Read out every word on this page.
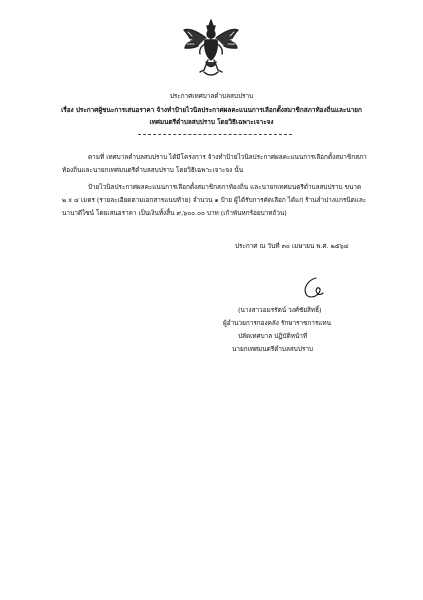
ประกาศเทศบาลตำบลสบปราบ
เรื่อง ประกาศผู้ชนะการเสนอราคา จ้างทำป้ายไวนิลประกาศผลคะแนนการเลือกตั้งสมาชิกสภาท้องถิ่นและนายก
เทศมนตรีตำบลสบปราบ โดยวิธีเฉพาะเจาะจง
ตามที่ เทศบาลตำบลสบปราบ ได้มีโครงการ จ้างทำป้ายไวนิลประกาศผลคะแนนการเลือกตั้งสมาชิกสภา
ท้องถิ่นและนายกเทศมนตรีตำบลสบปราบ โดยวิธีเฉพาะเจาะจง นั้น
ป้ายไวนิลประกาศผลคะแนนการเลือกตั้งสมาชิกสภาท้องถิ่น และนายกเทศมนตรีตำบลสบปราบ ขนาด
๒ x ๔ เมตร (รายละเอียดตามเอกสารแนบท้าย) จำนวน ๑ ป้าย ผู้ได้รับการคัดเลือก ได้แก่ ร้านลำปางแกรนิตและ
นานาดีไซน์ โดยเสนอราคา เป็นเงินทั้งสิ้น ๙,๖๐๐.๐๐ บาท (เก้าพันหกร้อยบาทถ้วน)
ประกาศ ณ วันที่ ๓๐ เมษายน พ.ศ. ๒๕๖๔
(นางสาวอมรรัตน์ วงศ์ชัยสิทธิ์)
ผู้อำนวยการกองคลัง รักษาราชการแทน
ปลัดเทศบาล ปฏิบัติหน้าที่
นายกเทศมนตรีตำบลสบปราบ
